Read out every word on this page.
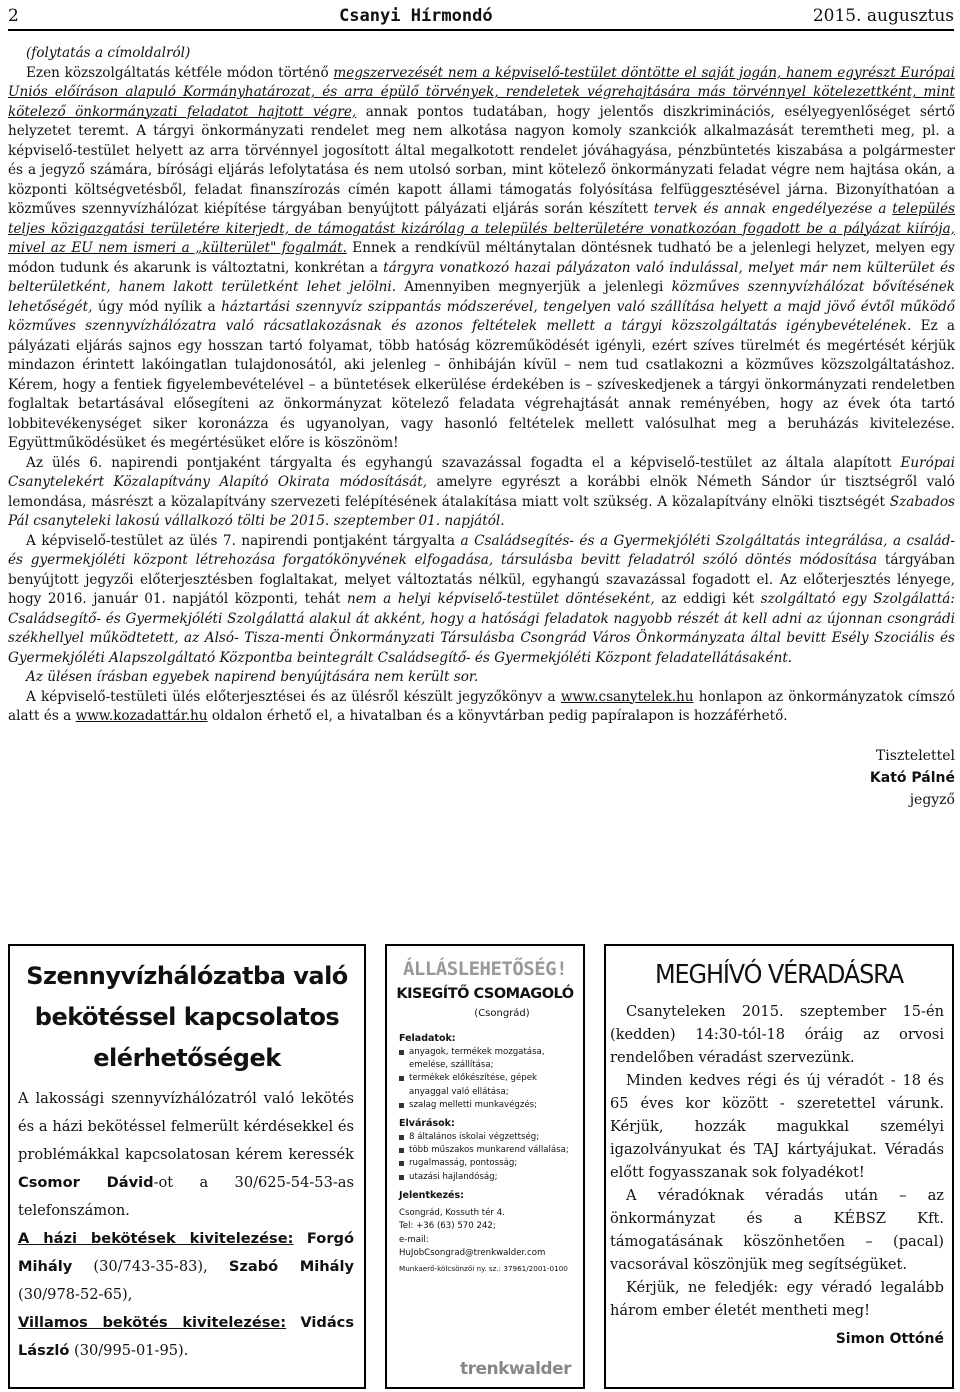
2	Csanyi Hírmondó	2015. augusztus

(folytatás a címoldalról)

Ezen közszolgáltatás kétféle módon történő megszervezését nem a képviselő-testület döntötte el saját jogán, hanem egyrészt Európai Uniós előíráson alapuló Kormányhatározat, és arra épülő törvények, rendeletek végrehajtására más törvénnyel kötelezettként, mint kötelező önkormányzati feladatot hajtott végre, annak pontos tudatában, hogy jelentős diszkriminációs, esélyegyenlőséget sértő helyzetet teremt. A tárgyi önkormányzati rendelet meg nem alkotása nagyon komoly szankciók alkalmazását teremtheti meg, pl. a képviselő-testület helyett az arra törvénnyel jogosított által megalkotott rendelet jóváhagyása, pénzbüntetés kiszabása a polgármester és a jegyző számára, bírósági eljárás lefolytatása és nem utolsó sorban, mint kötelező önkormányzati feladat végre nem hajtása okán, a központi költségvetésből, feladat finanszírozás címén kapott állami támogatás folyósítása felfüggesztésével járna. Bizonyíthatóan a közműves szennyvízhálózat kiépítése tárgyában benyújtott pályázati eljárás során készített tervek és annak engedélyezése a település teljes közigazgatási területére kiterjedt, de támogatást kizárólag a település belterületére vonatkozóan fogadott be a pályázat kiírója, mivel az EU nem ismeri a „külterület" fogalmát. Ennek a rendkívül méltánytalan döntésnek tudható be a jelenlegi helyzet, melyen egy módon tudunk és akarunk is változtatni, konkrétan a tárgyra vonatkozó hazai pályázaton való indulással, melyet már nem külterület és belterületként, hanem lakott területként lehet jelölni. Amennyiben megnyerjük a jelenlegi közműves szennyvízhálózat bővítésének lehetőségét, úgy mód nyílik a háztartási szennyvíz szippantás módszerével, tengelyen való szállítása helyett a majd jövő évtől működő közműves szennyvízhálózatra való rácsatlakozásnak és azonos feltételek mellett a tárgyi közszolgáltatás igénybevételének. Ez a pályázati eljárás sajnos egy hosszan tartó folyamat, több hatóság közreműködését igényli, ezért szíves türelmét és megértését kérjük mindazon érintett lakóingatlan tulajdonosától, aki jelenleg – önhibáján kívül – nem tud csatlakozni a közműves közszolgáltatáshoz. Kérem, hogy a fentiek figyelembevételével – a büntetések elkerülése érdekében is – szíveskedjenek a tárgyi önkormányzati rendeletben foglaltak betartásával elősegíteni az önkormányzat kötelező feladata végrehajtását annak reményében, hogy az évek óta tartó lobbitevékenységet siker koronázza és ugyanolyan, vagy hasonló feltételek mellett valósulhat meg a beruházás kivitelezése. Együttműködésüket és megértésüket előre is köszönöm!

Az ülés 6. napirendi pontjaként tárgyalta és egyhangú szavazással fogadta el a képviselő-testület az általa alapított Európai Csanytelekért Közalapítvány Alapító Okirata módosítását, amelyre egyrészt a korábbi elnök Németh Sándor úr tisztségről való lemondása, másrészt a közalapítvány szervezeti felépítésének átalakítása miatt volt szükség. A közalapítvány elnöki tisztségét Szabados Pál csanyteleki lakosú vállalkozó tölti be 2015. szeptember 01. napjától.

A képviselő-testület az ülés 7. napirendi pontjaként tárgyalta a Családsegítés- és a Gyermekjóléti Szolgáltatás integrálása, a család- és gyermekjóléti központ létrehozása forgatókönyvének elfogadása, társulásba bevitt feladatról szóló döntés módosítása tárgyában benyújtott jegyzői előterjesztésben foglaltakat, melyet változtatás nélkül, egyhangú szavazással fogadott el. Az előterjesztés lényege, hogy 2016. január 01. napjától központi, tehát nem a helyi képviselő-testület döntéseként, az eddigi két szolgáltató egy Szolgálattá: Családsegítő- és Gyermekjóléti Szolgálattá alakul át akként, hogy a hatósági feladatok nagyobb részét át kell adni az újonnan csongrádi székhellyel működtetett, az Alsó- Tisza-menti Önkormányzati Társulásba Csongrád Város Önkormányzata által bevitt Esély Szociális és Gyermekjóléti Alapszolgáltató Központba beintegrált Családsegítő- és Gyermekjóléti Központ feladatellátásaként.

Az ülésen írásban egyebek napirend benyújtására nem került sor.

A képviselő-testületi ülés előterjesztései és az ülésről készült jegyzőkönyv a www.csanytelek.hu honlapon az önkormányzatok címszó alatt és a www.kozadattár.hu oldalon érhető el, a hivatalban és a könyvtárban pedig papíralapon is hozzáférhető.

Tisztelettel
Kató Pálné
jegyző
Szennyvízhálózatba való bekötéssel kapcsolatos elérhetőségek
A lakossági szennyvízhálózatról való lekötés és a házi bekötéssel felmerült kérdésekkel és problémákkal kapcsolatosan kérem keressék Csomor Dávid-ot a 30/625-54-53-as telefonszámon.
A házi bekötések kivitelezése: Forgó Mihály (30/743-35-83), Szabó Mihály (30/978-52-65),
Villamos bekötés kivitelezése: Vidács László (30/995-01-95).
ÁLLÁSLEHETŐSÉG!
KISEGÍTŐ CSOMAGOLÓ
(Csongrád)
Feladatok:
anyagok, termékek mozgatása, emelése, szállítása;
termékek előkészítése, gépek anyaggal való ellátása;
szalag melletti munkavégzés;
Elvárások:
8 általános iskolai végzettség;
több műszakos munkarend vállalása;
rugalmasság, pontosság;
utazási hajlandóság;
Jelentkezés:
Csongrád, Kossuth tér 4.
Tel: +36 (63) 570 242;
e-mail: HuJobCsongrad@trenkwalder.com
Munkaerő-kölcsönzői ny. sz.: 37961/2001-0100
trenkwalder
MEGHÍVÓ VÉRADÁSRA

Csanyteleken 2015. szeptember 15-én (kedden) 14:30-tól-18 óráig az orvosi rendelőben véradást szervezünk.

Minden kedves régi és új véradót - 18 és 65 éves kor között - szeretettel várunk. Kérjük, hozzák magukkal személyi igazolványukat és TAJ kártyájukat. Véradás előtt fogyasszanak sok folyadékot!

A véradóknak véradás után – az önkormányzat és a KÉBSZ Kft. támogatásának köszönhetően – (pacal) vacsorával köszönjük meg segítségüket.

Kérjük, ne feledjék: egy véradó legalább három ember életét mentheti meg!

Simon Ottóné
